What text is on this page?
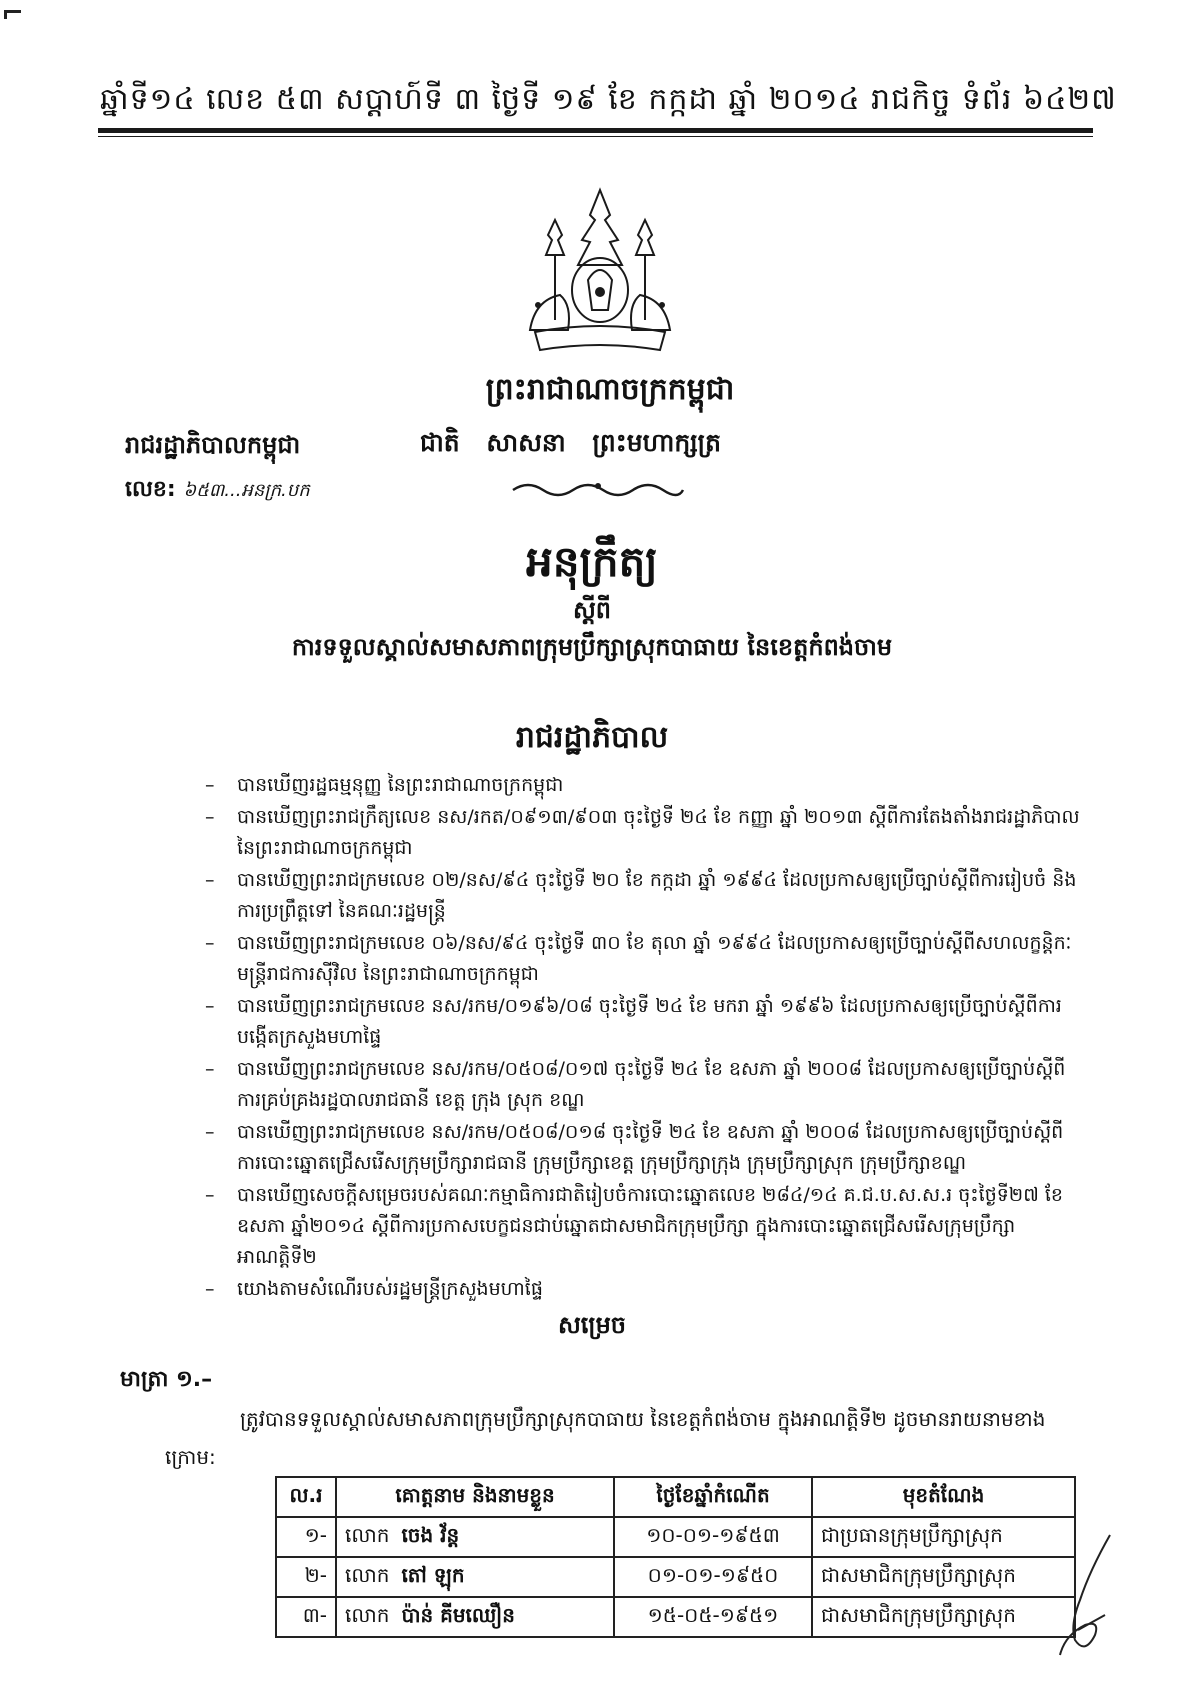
ឆ្នាំទី១៤ លេខ ៥៣ សប្តាហ៍ទី ៣ ថ្ងៃទី ១៩ ខែ កក្កដា ឆ្នាំ ២០១៤ រាជកិច្ច ទំព័រ ៦៤២៧
ព្រះរាជាណាចក្រកម្ពុជា
រាជរដ្ឋាភិបាលកម្ពុជា	ជាតិ សាសនា ព្រះមហាក្សត្រ
លេខ: ៦៥៣...អនក្រ.បក
អនុក្រឹត្យ
ស្តីពី
ការទទួលស្គាល់សមាសភាពក្រុមប្រឹក្សាស្រុកបាធាយ នៃខេត្តកំពង់ចាម
រាជរដ្ឋាភិបាល
– បានឃើញរដ្ឋធម្មនុញ្ញ នៃព្រះរាជាណាចក្រកម្ពុជា
– បានឃើញព្រះរាជក្រឹត្យលេខ នស/រកត/០៩១៣/៩០៣ ចុះថ្ងៃទី ២៤ ខែ កញ្ញា ឆ្នាំ ២០១៣ ស្តីពីការតែងតាំងរាជរដ្ឋាភិបាល នៃព្រះរាជាណាចក្រកម្ពុជា
– បានឃើញព្រះរាជក្រមលេខ ០២/នស/៩៤ ចុះថ្ងៃទី ២០ ខែ កក្កដា ឆ្នាំ ១៩៩៤ ដែលប្រកាសឲ្យប្រើច្បាប់ស្តីពីការរៀបចំ និងការប្រព្រឹត្តទៅ នៃគណៈរដ្ឋមន្ត្រី
– បានឃើញព្រះរាជក្រមលេខ ០៦/នស/៩៤ ចុះថ្ងៃទី ៣០ ខែ តុលា ឆ្នាំ ១៩៩៤ ដែលប្រកាសឲ្យប្រើច្បាប់ស្តីពីសហលក្ខន្តិកៈមន្ត្រីរាជការស៊ីវិល នៃព្រះរាជាណាចក្រកម្ពុជា
– បានឃើញព្រះរាជក្រមលេខ នស/រកម/០១៩៦/០៨ ចុះថ្ងៃទី ២៤ ខែ មករា ឆ្នាំ ១៩៩៦ ដែលប្រកាសឲ្យប្រើច្បាប់ស្តីពីការបង្កើតក្រសួងមហាផ្ទៃ
– បានឃើញព្រះរាជក្រមលេខ នស/រកម/០៥០៨/០១៧ ចុះថ្ងៃទី ២៤ ខែ ឧសភា ឆ្នាំ ២០០៨ ដែលប្រកាសឲ្យប្រើច្បាប់ស្តីពីការគ្រប់គ្រងរដ្ឋបាលរាជធានី ខេត្ត ក្រុង ស្រុក ខណ្ឌ
– បានឃើញព្រះរាជក្រមលេខ នស/រកម/០៥០៨/០១៨ ចុះថ្ងៃទី ២៤ ខែ ឧសភា ឆ្នាំ ២០០៨ ដែលប្រកាសឲ្យប្រើច្បាប់ស្តីពីការបោះឆ្នោតជ្រើសរើសក្រុមប្រឹក្សារាជធានី ក្រុមប្រឹក្សាខេត្ត ក្រុមប្រឹក្សាក្រុង ក្រុមប្រឹក្សាស្រុក ក្រុមប្រឹក្សាខណ្ឌ
– បានឃើញសេចក្តីសម្រេចរបស់គណៈកម្មាធិការជាតិរៀបចំការបោះឆ្នោតលេខ ២៨៤/១៤ គ.ជ.ប.ស.ស.រ ចុះថ្ងៃទី២៧ ខែឧសភា ឆ្នាំ២០១៤ ស្តីពីការប្រកាសបេក្ខជនជាប់ឆ្នោតជាសមាជិកក្រុមប្រឹក្សា ក្នុងការបោះឆ្នោតជ្រើសរើសក្រុមប្រឹក្សា អាណត្តិទី២
– យោងតាមសំណើរបស់រដ្ឋមន្ត្រីក្រសួងមហាផ្ទៃ
សម្រេច
មាត្រា ១.–
ត្រូវបានទទួលស្គាល់សមាសភាពក្រុមប្រឹក្សាស្រុកបាធាយ នៃខេត្តកំពង់ចាម ក្នុងអាណត្តិទី២ ដូចមានរាយនាមខាងក្រោម:
ល.រ	គោត្តនាម និងនាមខ្លួន	ថ្ងៃខែឆ្នាំកំណើត	មុខតំណែង
១-	លោក ចេង វ័ន្ត	១០-០១-១៩៥៣	ជាប្រធានក្រុមប្រឹក្សាស្រុក
២-	លោក តៅ ឡុក	០១-០១-១៩៥០	ជាសមាជិកក្រុមប្រឹក្សាស្រុក
៣-	លោក ប៉ាន់ គីមឈឿន	១៥-០៥-១៩៥១	ជាសមាជិកក្រុមប្រឹក្សាស្រុក
